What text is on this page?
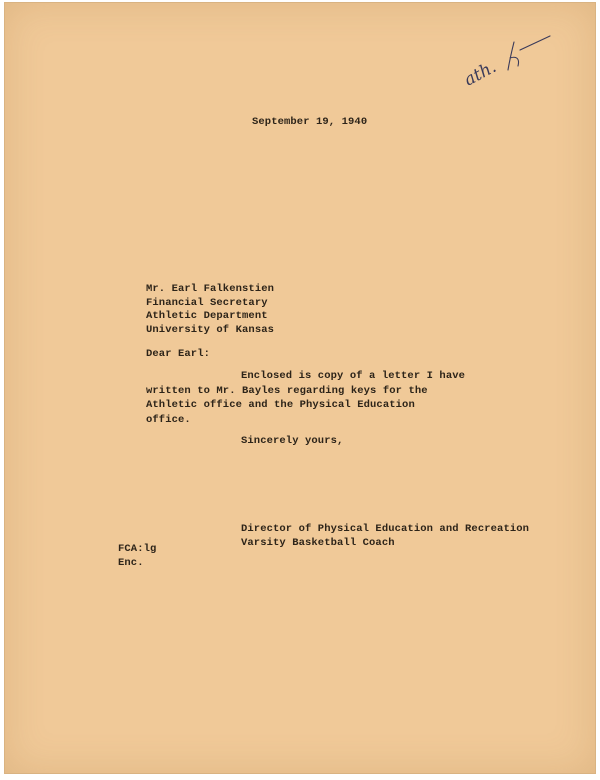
ath.
September 19, 1940
Mr. Earl Falkenstien
Financial Secretary
Athletic Department
University of Kansas
Dear Earl:
Enclosed is copy of a letter I have
written to Mr. Bayles regarding keys for the
Athletic office and the Physical Education
office.
Sincerely yours,
Director of Physical Education and Recreation
Varsity Basketball Coach
FCA:lg
Enc.
